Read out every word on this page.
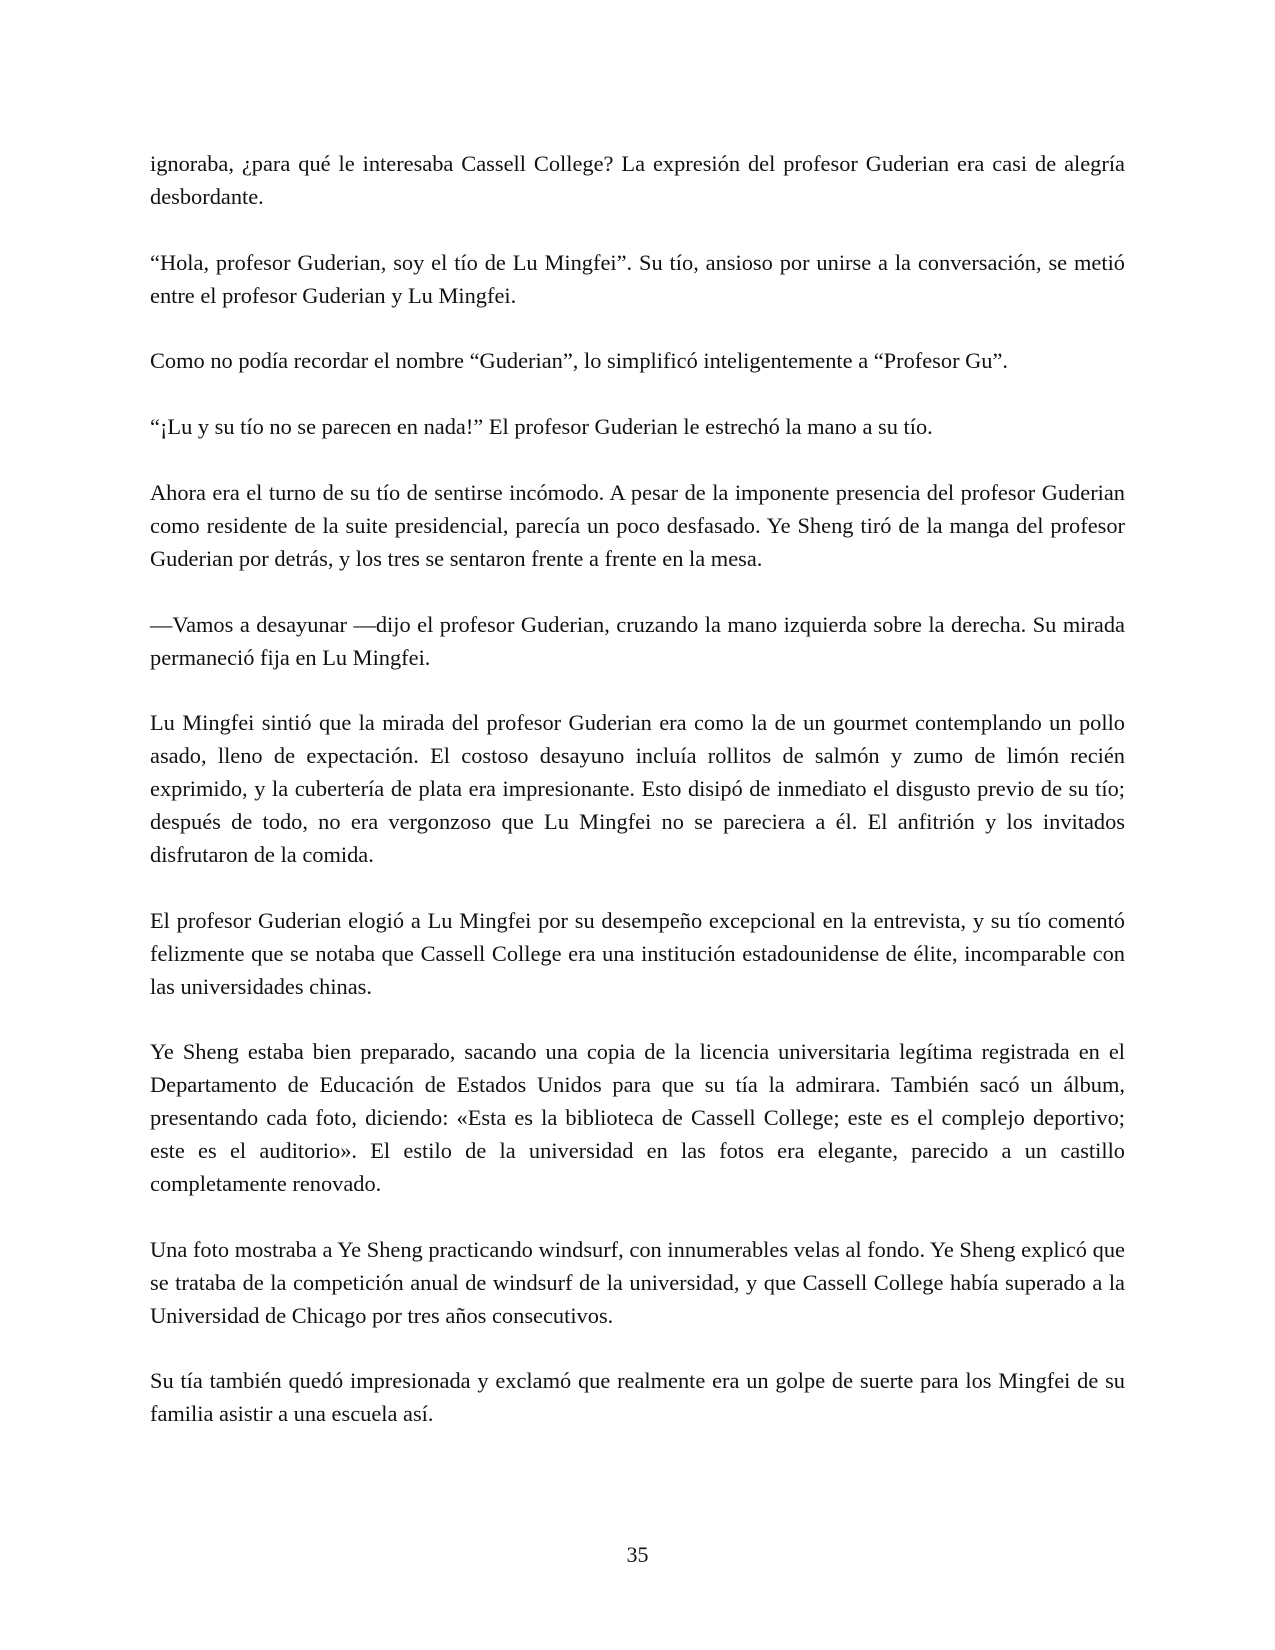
ignoraba, ¿para qué le interesaba Cassell College? La expresión del profesor Guderian era casi de alegría desbordante.

“Hola, profesor Guderian, soy el tío de Lu Mingfei”. Su tío, ansioso por unirse a la conversación, se metió entre el profesor Guderian y Lu Mingfei.

Como no podía recordar el nombre “Guderian”, lo simplificó inteligentemente a “Profesor Gu”.

“¡Lu y su tío no se parecen en nada!” El profesor Guderian le estrechó la mano a su tío.

Ahora era el turno de su tío de sentirse incómodo. A pesar de la imponente presencia del profesor Guderian como residente de la suite presidencial, parecía un poco desfasado. Ye Sheng tiró de la manga del profesor Guderian por detrás, y los tres se sentaron frente a frente en la mesa.

—Vamos a desayunar —dijo el profesor Guderian, cruzando la mano izquierda sobre la derecha. Su mirada permaneció fija en Lu Mingfei.

Lu Mingfei sintió que la mirada del profesor Guderian era como la de un gourmet contemplando un pollo asado, lleno de expectación. El costoso desayuno incluía rollitos de salmón y zumo de limón recién exprimido, y la cubertería de plata era impresionante. Esto disipó de inmediato el disgusto previo de su tío; después de todo, no era vergonzoso que Lu Mingfei no se pareciera a él. El anfitrión y los invitados disfrutaron de la comida.

El profesor Guderian elogió a Lu Mingfei por su desempeño excepcional en la entrevista, y su tío comentó felizmente que se notaba que Cassell College era una institución estadounidense de élite, incomparable con las universidades chinas.

Ye Sheng estaba bien preparado, sacando una copia de la licencia universitaria legítima registrada en el Departamento de Educación de Estados Unidos para que su tía la admirara. También sacó un álbum, presentando cada foto, diciendo: «Esta es la biblioteca de Cassell College; este es el complejo deportivo; este es el auditorio». El estilo de la universidad en las fotos era elegante, parecido a un castillo completamente renovado.

Una foto mostraba a Ye Sheng practicando windsurf, con innumerables velas al fondo. Ye Sheng explicó que se trataba de la competición anual de windsurf de la universidad, y que Cassell College había superado a la Universidad de Chicago por tres años consecutivos.

Su tía también quedó impresionada y exclamó que realmente era un golpe de suerte para los Mingfei de su familia asistir a una escuela así.

35
